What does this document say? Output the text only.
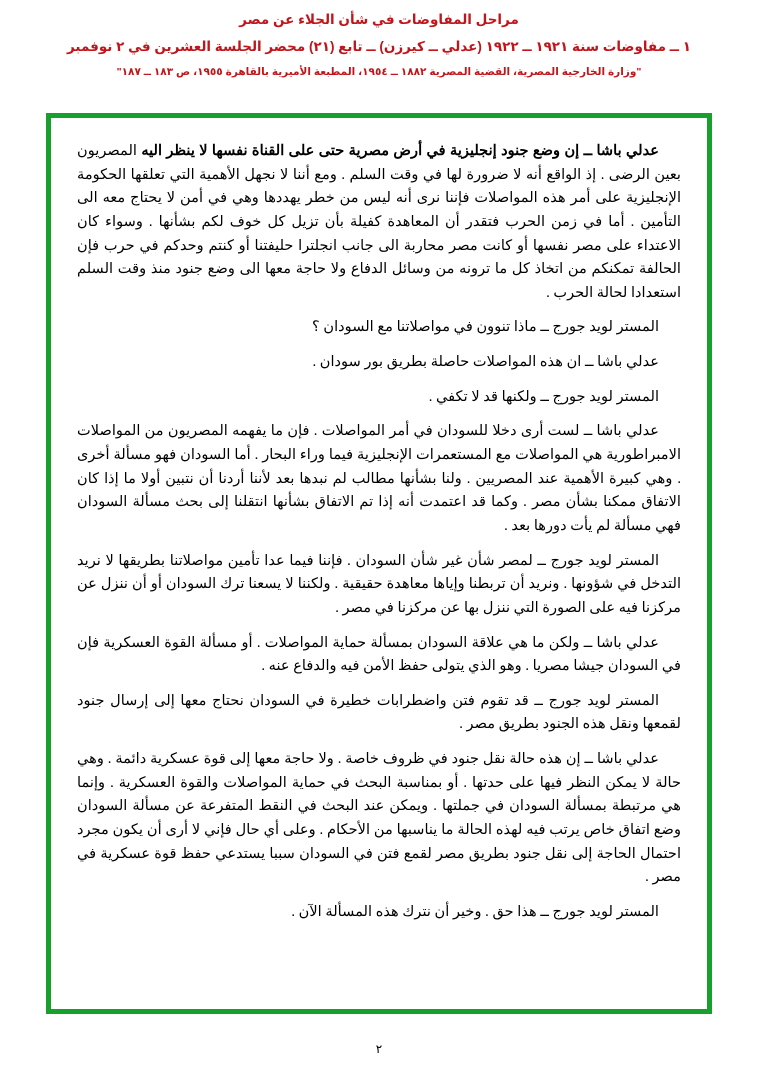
مراحل المفاوضات في شأن الجلاء عن مصر
١ ــ مفاوضات سنة ١٩٢١ ــ ١٩٢٢ (عدلي ــ كيرزن) ــ تابع (٢١) محضر الجلسة العشرين في ٢ نوفمبر
"وزارة الخارجية المصرية، القضية المصرية ١٨٨٢ ــ ١٩٥٤، المطبعة الأميرية بالقاهرة ١٩٥٥، ص ١٨٣ ــ ١٨٧"

عدلي باشا ــ إن وضع جنود إنجليزية في أرض مصرية حتى على القناة نفسها لا ينظر اليه المصريون بعين الرضى . إذ الواقع أنه لا ضرورة لها في وقت السلم . ومع أننا لا نجهل الأهمية التي تعلقها الحكومة الإنجليزية على أمر هذه المواصلات فإننا نرى أنه ليس من خطر يهددها وهي في أمن لا يحتاج معه الى التأمين . أما في زمن الحرب فتقدر أن المعاهدة كفيلة بأن تزيل كل خوف لكم بشأنها . وسواء كان الاعتداء على مصر نفسها أو كانت مصر محاربة الى جانب انجلترا حليفتنا أو كنتم وحدكم في حرب فإن الحالفة تمكنكم من اتخاذ كل ما ترونه من وسائل الدفاع ولا حاجة معها الى وضع جنود منذ وقت السلم استعدادا لحالة الحرب .

المستر لويد جورج ــ ماذا تنوون في مواصلاتنا مع السودان ؟

عدلي باشا ــ ان هذه المواصلات حاصلة بطريق بور سودان .

المستر لويد جورج ــ ولكنها قد لا تكفي .

عدلي باشا ــ لست أرى دخلا للسودان في أمر المواصلات . فإن ما يفهمه المصريون من المواصلات الامبراطورية هي المواصلات مع المستعمرات الإنجليزية فيما وراء البحار . أما السودان فهو مسألة أخرى . وهي كبيرة الأهمية عند المصريين . ولنا بشأنها مطالب لم نبدها بعد لأننا أردنا أن نتبين أولا ما إذا كان الاتفاق ممكنا بشأن مصر . وكما قد اعتمدت أنه إذا تم الاتفاق بشأنها انتقلنا إلى بحث مسألة السودان فهي مسألة لم يأت دورها بعد .

المستر لويد جورج ــ لمصر شأن غير شأن السودان . فإننا فيما عدا تأمين مواصلاتنا بطريقها لا نريد التدخل في شؤونها . ونريد أن تربطنا وإياها معاهدة حقيقية . ولكننا لا يسعنا ترك السودان أو أن ننزل عن مركزنا فيه على الصورة التي ننزل بها عن مركزنا في مصر .

عدلي باشا ــ ولكن ما هي علاقة السودان بمسألة حماية المواصلات . أو مسألة القوة العسكرية فإن في السودان جيشا مصريا . وهو الذي يتولى حفظ الأمن فيه والدفاع عنه .

المستر لويد جورج ــ قد تقوم فتن واضطرابات خطيرة في السودان نحتاج معها إلى إرسال جنود لقمعها ونقل هذه الجنود بطريق مصر .

عدلي باشا ــ إن هذه حالة نقل جنود في ظروف خاصة . ولا حاجة معها إلى قوة عسكرية دائمة . وهي حالة لا يمكن النظر فيها على حدتها . أو بمناسبة البحث في حماية المواصلات والقوة العسكرية . وإنما هي مرتبطة بمسألة السودان في جملتها . ويمكن عند البحث في النقط المتفرعة عن مسألة السودان وضع اتفاق خاص يرتب فيه لهذه الحالة ما يناسبها من الأحكام . وعلى أي حال فإني لا أرى أن يكون مجرد احتمال الحاجة إلى نقل جنود بطريق مصر لقمع فتن في السودان سببا يستدعي حفظ قوة عسكرية في مصر .

المستر لويد جورج ــ هذا حق . وخير أن نترك هذه المسألة الآن .

٢
